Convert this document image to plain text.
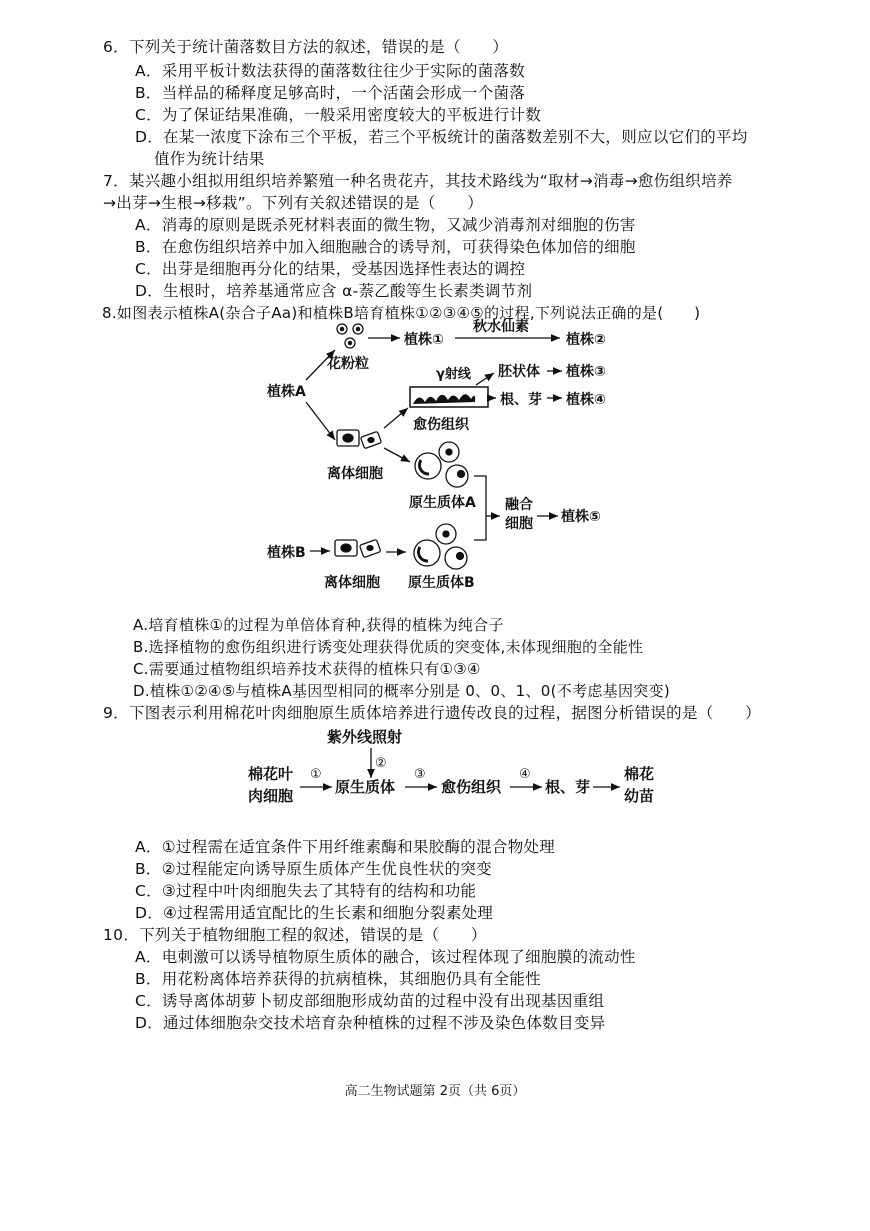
6．下列关于统计菌落数目方法的叙述，错误的是（　　）
A．采用平板计数法获得的菌落数往往少于实际的菌落数
B．当样品的稀释度足够高时，一个活菌会形成一个菌落
C．为了保证结果准确，一般采用密度较大的平板进行计数
D．在某一浓度下涂布三个平板，若三个平板统计的菌落数差别不大，则应以它们的平均
值作为统计结果
7．某兴趣小组拟用组织培养繁殖一种名贵花卉，其技术路线为“取材→消毒→愈伤组织培养
→出芽→生根→移栽”。下列有关叙述错误的是（　　）
A．消毒的原则是既杀死材料表面的微生物，又减少消毒剂对细胞的伤害
B．在愈伤组织培养中加入细胞融合的诱导剂，可获得染色体加倍的细胞
C．出芽是细胞再分化的结果，受基因选择性表达的调控
D．生根时，培养基通常应含 α-萘乙酸等生长素类调节剂
8.如图表示植株A(杂合子Aa)和植株B培育植株①②③④⑤的过程,下列说法正确的是(　　)
花粉粒
植株①
秋水仙素
植株②
植株A
离体细胞
愈伤组织
γ射线 胚状体 植株③
根、芽 植株④
原生质体A 融合
细胞 植株⑤
植株B
离体细胞 原生质体B
A.培育植株①的过程为单倍体育种,获得的植株为纯合子
B.选择植物的愈伤组织进行诱变处理获得优质的突变体,未体现细胞的全能性
C.需要通过植物组织培养技术获得的植株只有①③④
D.植株①②④⑤与植株A基因型相同的概率分别是 0、0、1、0(不考虑基因突变)
9．下图表示利用棉花叶肉细胞原生质体培养进行遗传改良的过程，据图分析错误的是（　　）
紫外线照射
②
棉花叶
肉细胞
①
原生质体
③
愈伤组织
④
根、芽
棉花
幼苗
A．①过程需在适宜条件下用纤维素酶和果胶酶的混合物处理
B．②过程能定向诱导原生质体产生优良性状的突变
C．③过程中叶肉细胞失去了其特有的结构和功能
D．④过程需用适宜配比的生长素和细胞分裂素处理
10．下列关于植物细胞工程的叙述，错误的是（　　）
A．电刺激可以诱导植物原生质体的融合，该过程体现了细胞膜的流动性
B．用花粉离体培养获得的抗病植株，其细胞仍具有全能性
C．诱导离体胡萝卜韧皮部细胞形成幼苗的过程中没有出现基因重组
D．通过体细胞杂交技术培育杂种植株的过程不涉及染色体数目变异
高二生物试题第 2页（共 6页）
